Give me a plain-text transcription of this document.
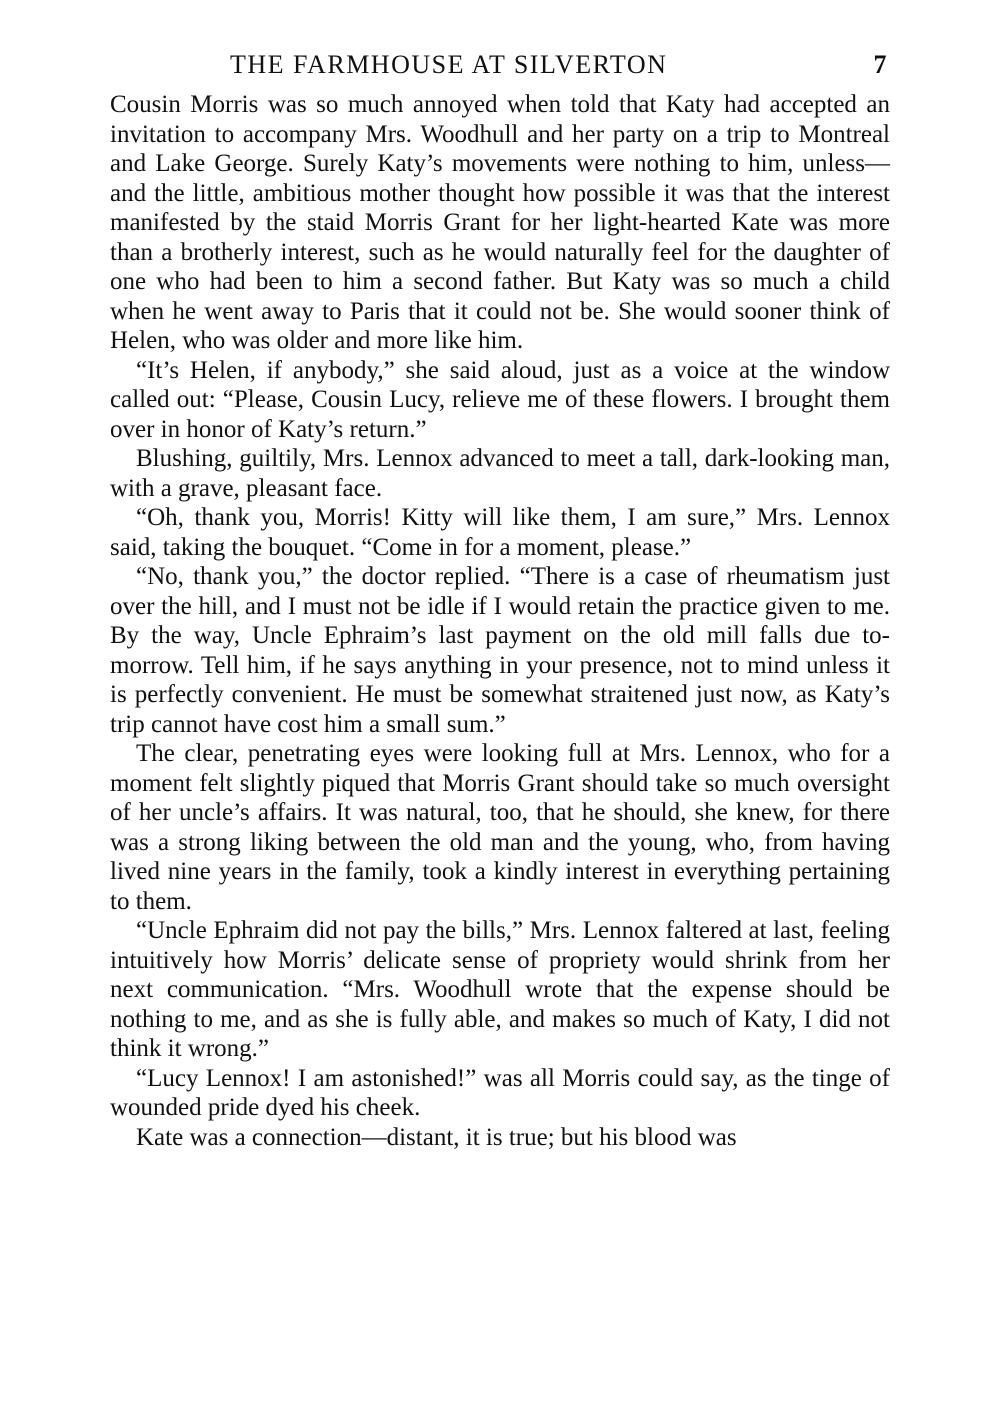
THE FARMHOUSE AT SILVERTON	7

Cousin Morris was so much annoyed when told that Katy had accepted an invitation to accompany Mrs. Woodhull and her party on a trip to Montreal and Lake George. Surely Katy’s movements were nothing to him, unless—and the little, ambitious mother thought how possible it was that the interest manifested by the staid Morris Grant for her light-hearted Kate was more than a brotherly interest, such as he would naturally feel for the daughter of one who had been to him a second father. But Katy was so much a child when he went away to Paris that it could not be. She would sooner think of Helen, who was older and more like him.

“It’s Helen, if anybody,” she said aloud, just as a voice at the window called out: “Please, Cousin Lucy, relieve me of these flowers. I brought them over in honor of Katy’s return.”

Blushing, guiltily, Mrs. Lennox advanced to meet a tall, dark-looking man, with a grave, pleasant face.

“Oh, thank you, Morris! Kitty will like them, I am sure,” Mrs. Lennox said, taking the bouquet. “Come in for a moment, please.”

“No, thank you,” the doctor replied. “There is a case of rheumatism just over the hill, and I must not be idle if I would retain the practice given to me. By the way, Uncle Ephraim’s last payment on the old mill falls due to-morrow. Tell him, if he says anything in your presence, not to mind unless it is perfectly convenient. He must be somewhat straitened just now, as Katy’s trip cannot have cost him a small sum.”

The clear, penetrating eyes were looking full at Mrs. Lennox, who for a moment felt slightly piqued that Morris Grant should take so much oversight of her uncle’s affairs. It was natural, too, that he should, she knew, for there was a strong liking between the old man and the young, who, from having lived nine years in the family, took a kindly interest in everything pertaining to them.

“Uncle Ephraim did not pay the bills,” Mrs. Lennox faltered at last, feeling intuitively how Morris’ delicate sense of propriety would shrink from her next communication. “Mrs. Woodhull wrote that the expense should be nothing to me, and as she is fully able, and makes so much of Katy, I did not think it wrong.”

“Lucy Lennox! I am astonished!” was all Morris could say, as the tinge of wounded pride dyed his cheek.

Kate was a connection—distant, it is true; but his blood was
